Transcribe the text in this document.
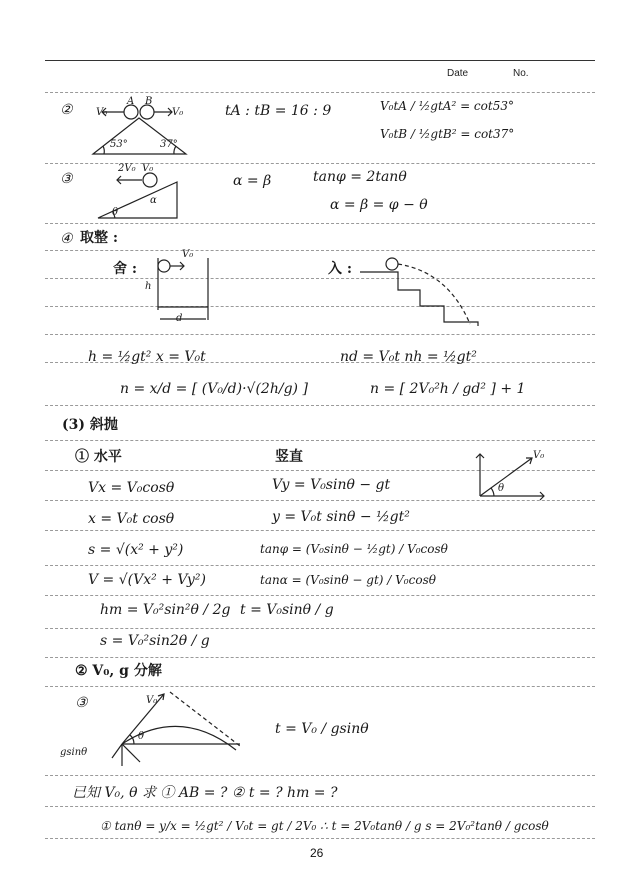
Date	No.
② V₀
A B
V₀
53°	37°
tA : tB = 16 : 9	V₀tA / ½gtA² = cot53°
V₀tB / ½gtB² = cot37°
③
2V₀ V₀
α
θ
α = β	tanφ = 2tanθ
α = β = φ − θ
④ 取整 :
舍 :
h
d
V₀
入 :
h = ½gt² x = V₀t
n = x/d = [ (V₀/d)·√(2h/g) ]
nd = V₀t nh = ½gt²
n = [ 2V₀²h / gd² ] + 1
(3) 斜抛
① 水平	竖直	V₀
θ
Vx = V₀cosθ	Vy = V₀sinθ − gt
x = V₀t cosθ	y = V₀t sinθ − ½gt²
s = √(x² + y²)	tanφ = (V₀sinθ − ½gt) / V₀cosθ
V = √(Vx² + Vy²)	tanα = (V₀sinθ − gt) / V₀cosθ
hm = V₀²sin²θ / 2g t = V₀sinθ / g
s = V₀²sin2θ / g
② V₀, g 分解
③	V₀
θ
gsinθ
t = V₀ / gsinθ
已知 V₀, θ 求 ① AB = ? ② t = ? hm = ?
① tanθ = y/x = ½gt² / V₀t = gt / 2V₀ ∴ t = 2V₀tanθ / g s = 2V₀²tanθ / gcosθ
26
